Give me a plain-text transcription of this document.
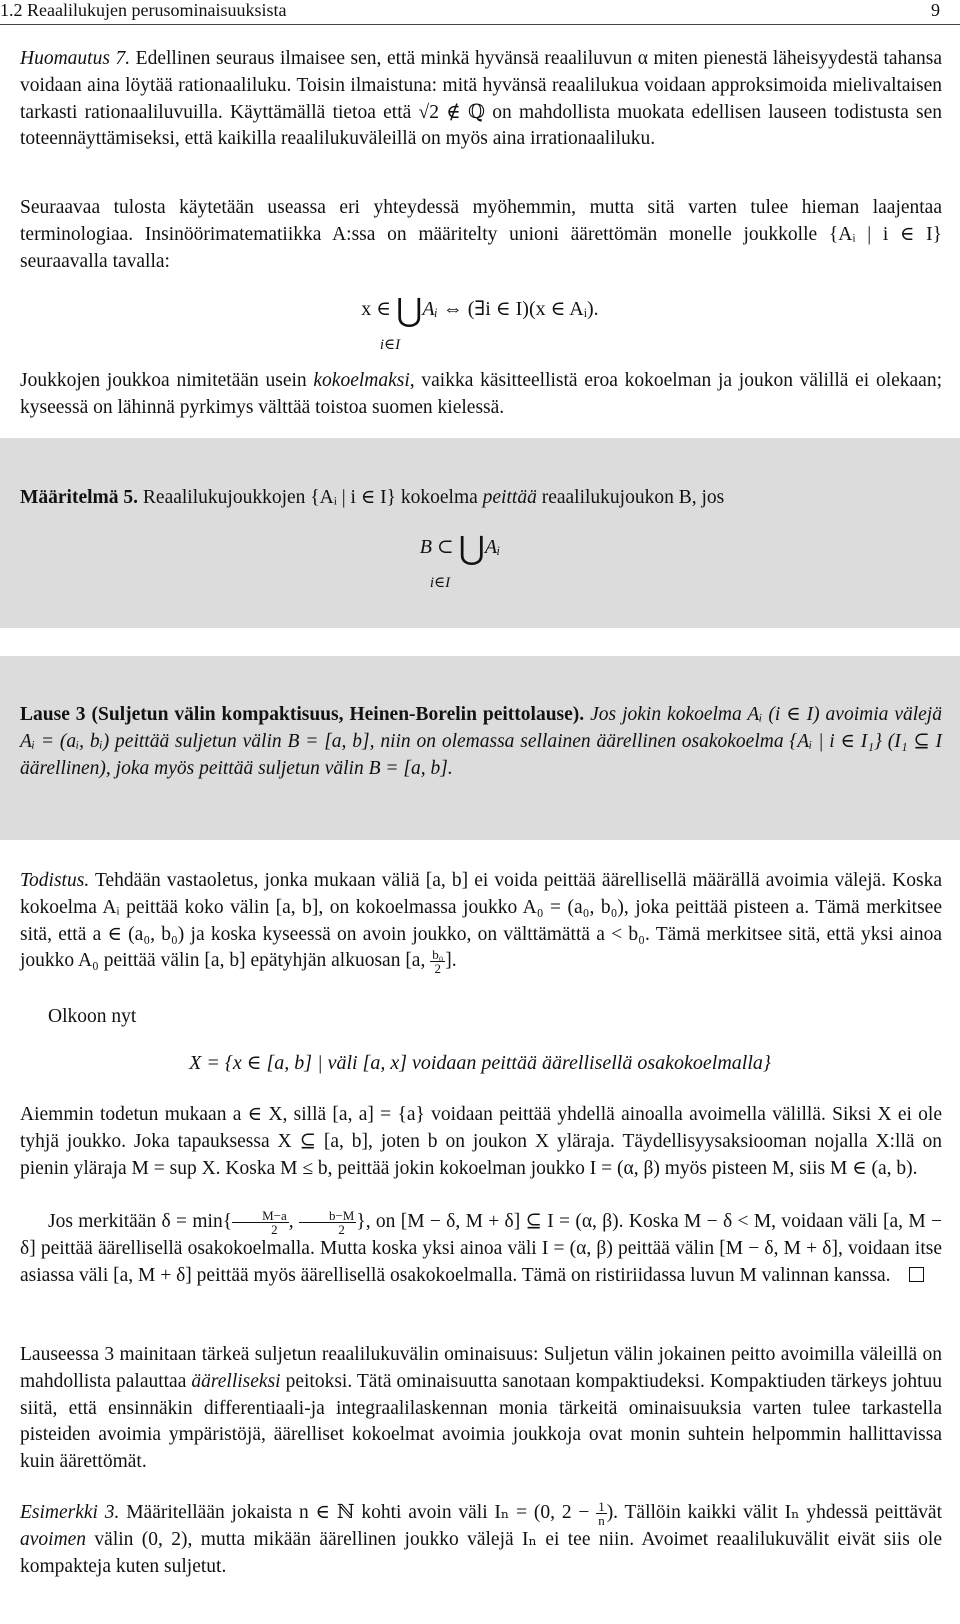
1.2 Reaalilukujen perusominaisuuksista	9
Huomautus 7. Edellinen seuraus ilmaisee sen, että minkä hyvänsä reaaliluvun α miten pienestä läheisyydestä tahansa voidaan aina löytää rationaaliluku. Toisin ilmaistuna: mitä hyvänsä reaalilukua voidaan approksimoida mielivaltaisen tarkasti rationaaliluvuilla. Käyttämällä tietoa että √2 ∉ ℚ on mahdollista muokata edellisen lauseen todistusta sen toteennäyttämiseksi, että kaikilla reaalilukuväleillä on myös aina irrationaaliluku.
Seuraavaa tulosta käytetään useassa eri yhteydessä myöhemmin, mutta sitä varten tulee hieman laajentaa terminologiaa. Insinöörimatematiikka A:ssa on määritelty unioni äärettömän monelle joukkolle {Aᵢ | i ∈ I} seuraavalla tavalla:
x ∈ ⋃Aᵢ ⇔ (∃i ∈ I)(x ∈ Aᵢ).
i∈I
Joukkojen joukkoa nimitetään usein kokoelmaksi, vaikka käsitteellistä eroa kokoelman ja joukon välillä ei olekaan; kyseessä on lähinnä pyrkimys välttää toistoa suomen kielessä.
Määritelmä 5. Reaalilukujoukkojen {Aᵢ | i ∈ I} kokoelma peittää reaalilukujoukon B, jos
B ⊂ ⋃Aᵢ
i∈I
Lause 3 (Suljetun välin kompaktisuus, Heinen-Borelin peittolause). Jos jokin kokoelma Aᵢ (i ∈ I) avoimia välejä Aᵢ = (aᵢ, bᵢ) peittää suljetun välin B = [a, b], niin on olemassa sellainen äärellinen osakokoelma {Aᵢ | i ∈ I₁} (I₁ ⊆ I äärellinen), joka myös peittää suljetun välin B = [a, b].
Todistus. Tehdään vastaoletus, jonka mukaan väliä [a, b] ei voida peittää äärellisellä määrällä avoimia välejä. Koska kokoelma Aᵢ peittää koko välin [a, b], on kokoelmassa joukko A₀ = (a₀, b₀), joka peittää pisteen a. Tämä merkitsee sitä, että a ∈ (a₀, b₀) ja koska kyseessä on avoin joukko, on välttämättä a < b₀. Tämä merkitsee sitä, että yksi ainoa joukko A₀ peittää välin [a, b] epätyhjän alkuosan [a, $\frac{\text{b₀}}{2}$ ].
Olkoon nyt
X = {x ∈ [a, b] | väli [a, x] voidaan peittää äärellisellä osakokoelmalla}
Aiemmin todetun mukaan a ∈ X, sillä [a, a] = {a} voidaan peittää yhdellä ainoalla avoimella välillä. Siksi X ei ole tyhjä joukko. Joka tapauksessa X ⊆ [a, b], joten b on joukon X yläraja. Täydellisyysaksiooman nojalla X:llä on pienin yläraja M = sup X. Koska M ≤ b, peittää jokin kokoelman joukko I = (α, β) myös pisteen M, siis M ∈ (a, b).
Jos merkitään $\delta = \min\{ \frac{M-a}{2}$ , $\frac{b-M}{2}$ }, on [M − δ, M + δ] ⊆ I = (α, β). Koska M − δ < M, voidaan väli [a, M − δ] peittää äärellisellä osakokoelmalla. Mutta koska yksi ainoa väli I = (α, β) peittää välin [M − δ, M + δ], voidaan itse asiassa väli [a, M + δ] peittää myös äärellisellä osakokoelmalla. Tämä on ristiriidassa luvun M valinnan kanssa.
Lauseessa 3 mainitaan tärkeä suljetun reaalilukuvälin ominaisuus: Suljetun välin jokainen peitto avoimilla väleillä on mahdollista palauttaa äärelliseksi peitoksi. Tätä ominaisuutta sanotaan kompaktiudeksi. Kompaktiuden tärkeys johtuu siitä, että ensinnäkin differentiaali-ja integraalilaskennan monia tärkeitä ominaisuuksia varten tulee tarkastella pisteiden avoimia ympäristöjä, äärelliset kokoelmat avoimia joukkoja ovat monin suhtein helpommin hallittavissa kuin äärettömät.
Esimerkki 3. Määritellään jokaista n ∈ ℕ kohti avoin väli Iₙ = (0, $2 - \frac{1}{n}$ ). Tällöin kaikki välit Iₙ yhdessä peittävät avoimen välin (0, 2), mutta mikään äärellinen joukko välejä Iₙ ei tee niin. Avoimet reaalilukuvälit eivät siis ole kompakteja kuten suljetut.
